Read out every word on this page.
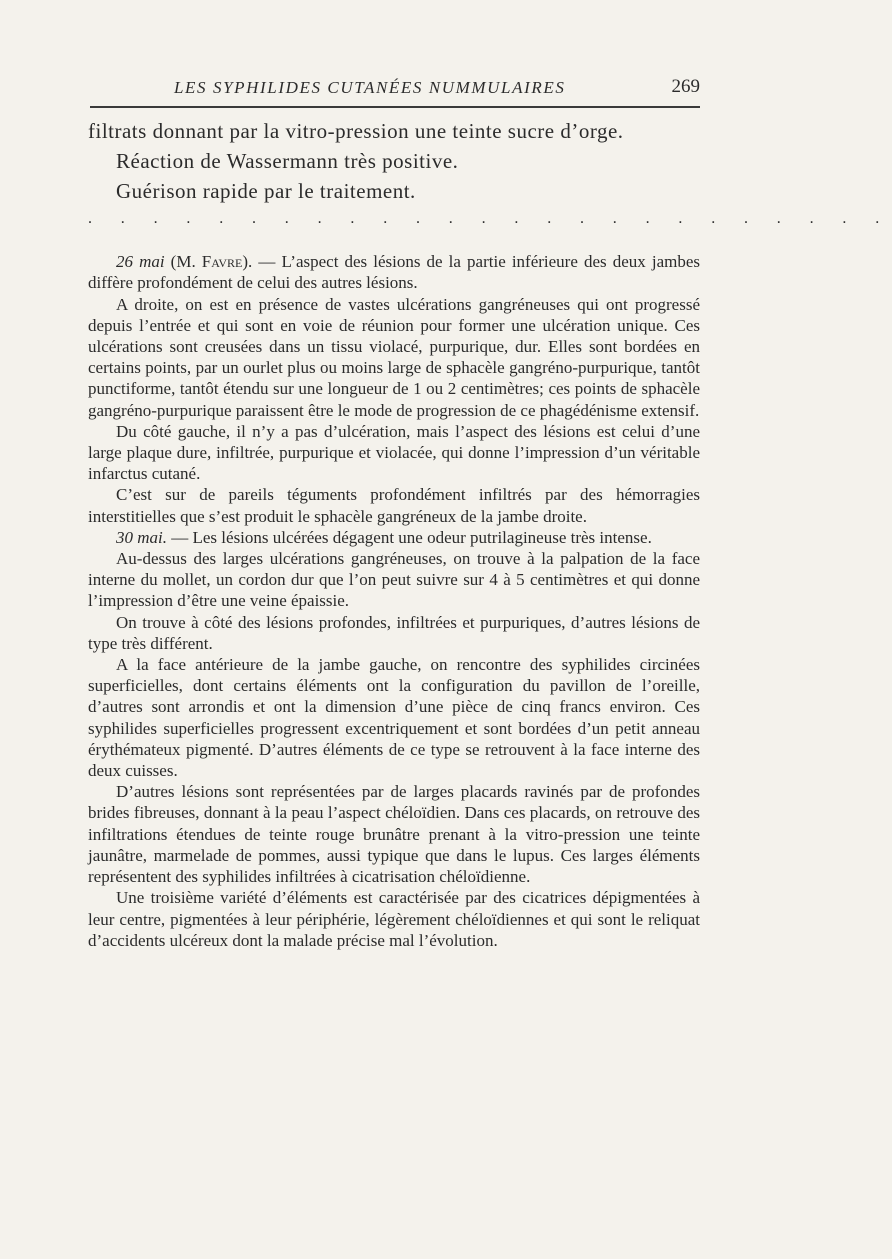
LES SYPHILIDES CUTANÉES NUMMULAIRES	269

filtrats donnant par la vitro-pression une teinte sucre d’orge.

Réaction de Wassermann très positive.

Guérison rapide par le traitement.

. . . . . . . . . . . . . . . . . . . . . . . . .

26 mai (M. Favre). — L’aspect des lésions de la partie inférieure des deux jambes diffère profondément de celui des autres lésions.

A droite, on est en présence de vastes ulcérations gangréneuses qui ont progressé depuis l’entrée et qui sont en voie de réunion pour former une ulcération unique. Ces ulcérations sont creusées dans un tissu violacé, purpurique, dur. Elles sont bordées en certains points, par un ourlet plus ou moins large de sphacèle gangréno-purpurique, tantôt punctiforme, tantôt étendu sur une longueur de 1 ou 2 centimètres; ces points de sphacèle gangréno-purpurique paraissent être le mode de progression de ce phagédénisme extensif.

Du côté gauche, il n’y a pas d’ulcération, mais l’aspect des lésions est celui d’une large plaque dure, infiltrée, purpurique et violacée, qui donne l’impression d’un véritable infarctus cutané.

C’est sur de pareils téguments profondément infiltrés par des hémorragies interstitielles que s’est produit le sphacèle gangréneux de la jambe droite.

30 mai. — Les lésions ulcérées dégagent une odeur putrilagineuse très intense.

Au-dessus des larges ulcérations gangréneuses, on trouve à la palpation de la face interne du mollet, un cordon dur que l’on peut suivre sur 4 à 5 centimètres et qui donne l’impression d’être une veine épaissie.

On trouve à côté des lésions profondes, infiltrées et purpuriques, d’autres lésions de type très différent.

A la face antérieure de la jambe gauche, on rencontre des syphilides circinées superficielles, dont certains éléments ont la configuration du pavillon de l’oreille, d’autres sont arrondis et ont la dimension d’une pièce de cinq francs environ. Ces syphilides superficielles progressent excentriquement et sont bordées d’un petit anneau érythémateux pigmenté. D’autres éléments de ce type se retrouvent à la face interne des deux cuisses.

D’autres lésions sont représentées par de larges placards ravinés par de profondes brides fibreuses, donnant à la peau l’aspect chéloïdien. Dans ces placards, on retrouve des infiltrations étendues de teinte rouge brunâtre prenant à la vitro-pression une teinte jaunâtre, marmelade de pommes, aussi typique que dans le lupus. Ces larges éléments représentent des syphilides infiltrées à cicatrisation chéloïdienne.

Une troisième variété d’éléments est caractérisée par des cicatrices dépigmentées à leur centre, pigmentées à leur périphérie, légèrement chéloïdiennes et qui sont le reliquat d’accidents ulcéreux dont la malade précise mal l’évolution.
